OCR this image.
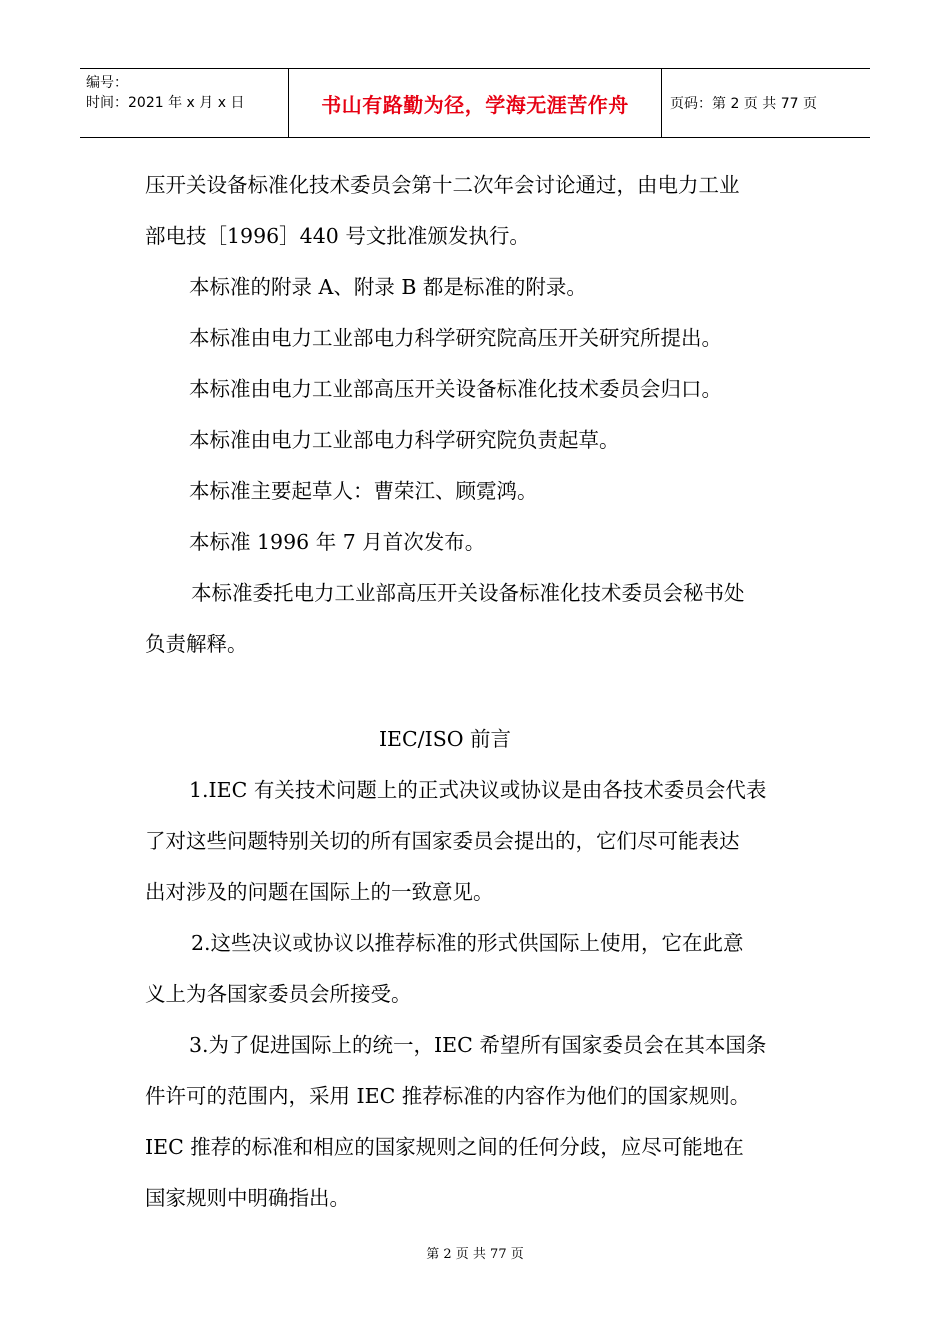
编号：
时间：2021 年 x 月 x 日	书山有路勤为径，学海无涯苦作舟	页码：第 2 页 共 77 页
压开关设备标准化技术委员会第十二次年会讨论通过，由电力工业
部电技［1996］440 号文批准颁发执行。
本标准的附录 A、附录 B 都是标准的附录。
本标准由电力工业部电力科学研究院高压开关研究所提出。
本标准由电力工业部高压开关设备标准化技术委员会归口。
本标准由电力工业部电力科学研究院负责起草。
本标准主要起草人：曹荣江、顾霓鸿。
本标准 1996 年 7 月首次发布。
本标准委托电力工业部高压开关设备标准化技术委员会秘书处
负责解释。
IEC/ISO 前言
1.IEC 有关技术问题上的正式决议或协议是由各技术委员会代表
了对这些问题特别关切的所有国家委员会提出的，它们尽可能表达
出对涉及的问题在国际上的一致意见。
2.这些决议或协议以推荐标准的形式供国际上使用，它在此意
义上为各国家委员会所接受。
3.为了促进国际上的统一，IEC 希望所有国家委员会在其本国条
件许可的范围内，采用 IEC 推荐标准的内容作为他们的国家规则。
IEC 推荐的标准和相应的国家规则之间的任何分歧，应尽可能地在
国家规则中明确指出。
第 2 页 共 77 页
